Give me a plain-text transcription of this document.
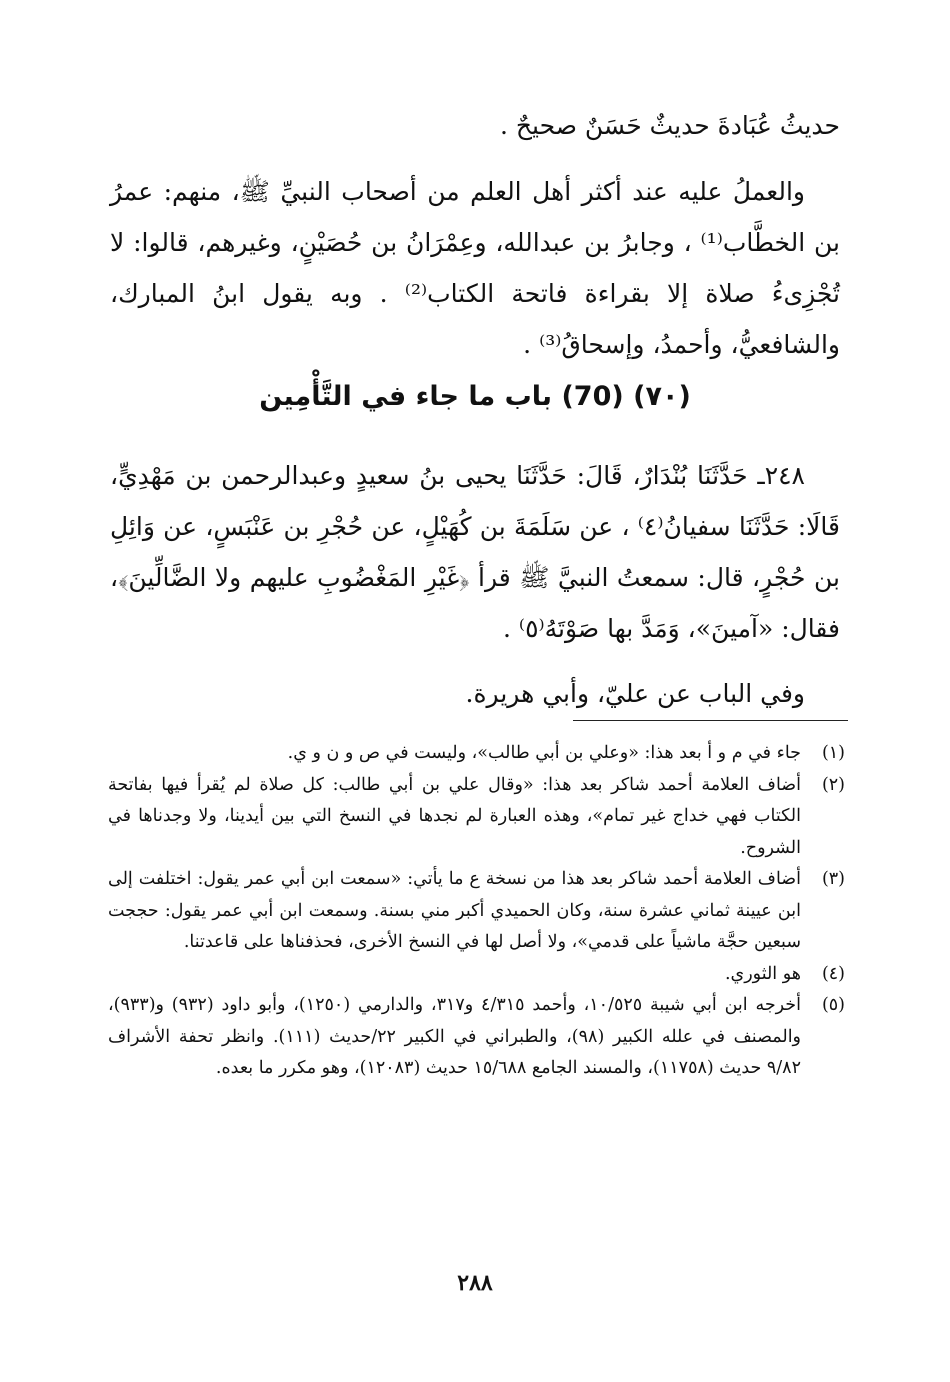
حديثُ عُبَادةَ حديثٌ حَسَنٌ صحيحٌ .

والعملُ عليه عند أكثر أهل العلم من أصحاب النبيِّ ﷺ، منهم: عمرُ بن الخطَّاب⁽¹⁾ ، وجابرُ بن عبدالله، وعِمْرَانُ بن حُصَيْنٍ، وغيرهم، قالوا: لا تُجْزِىءُ صلاة إلا بقراءة فاتحة الكتاب⁽²⁾ . وبه يقول ابنُ المبارك، والشافعيُّ، وأحمدُ، وإسحاقُ⁽³⁾ .

(٧٠) (70) باب ما جاء في التَّأْمِين

٢٤٨ـ حَدَّثَنَا بُنْدَارٌ، قَالَ: حَدَّثَنَا يحيى بنُ سعيدٍ وعبدالرحمن بن مَهْدِيٍّ، قَالَا: حَدَّثَنَا سفيانُ⁽٤⁾ ، عن سَلَمَةَ بن كُهَيْلٍ، عن حُجْرِ بن عَنْبَسٍ، عن وَائِلِ بن حُجْرٍ، قال: سمعتُ النبيَّ ﷺ قرأ ﴿غَيْرِ المَغْضُوبِ عليهم ولا الضَّالِّينَ﴾، فقال: «آمينَ»، وَمَدَّ بها صَوْتَهُ⁽٥⁾ .

وفي الباب عن عليّ، وأبي هريرة.

(١)
جاء في م و أ بعد هذا: «وعلي بن أبي طالب»، وليست في ص و ن و ي.
(٢)
أضاف العلامة أحمد شاكر بعد هذا: «وقال علي بن أبي طالب: كل صلاة لم يُقرأ فيها بفاتحة الكتاب فهي خداج غير تمام»، وهذه العبارة لم نجدها في النسخ التي بين أيدينا، ولا وجدناها في الشروح.
(٣)
أضاف العلامة أحمد شاكر بعد هذا من نسخة ع ما يأتي: «سمعت ابن أبي عمر يقول: اختلفت إلى ابن عيينة ثماني عشرة سنة، وكان الحميدي أكبر مني بسنة. وسمعت ابن أبي عمر يقول: حججت سبعين حجَّة ماشياً على قدمي»، ولا أصل لها في النسخ الأخرى، فحذفناها على قاعدتنا.
(٤)
هو الثوري.
(٥)
أخرجه ابن أبي شيبة ١٠/٥٢٥، وأحمد ٤/٣١٥ و٣١٧، والدارمي (١٢٥٠)، وأبو داود (٩٣٢) و(٩٣٣)، والمصنف في علله الكبير (٩٨)، والطبراني في الكبير ٢٢/حديث (١١١). وانظر تحفة الأشراف ٩/٨٢ حديث (١١٧٥٨)، والمسند الجامع ١٥/٦٨٨ حديث (١٢٠٨٣)، وهو مكرر ما بعده.
٢٨٨
